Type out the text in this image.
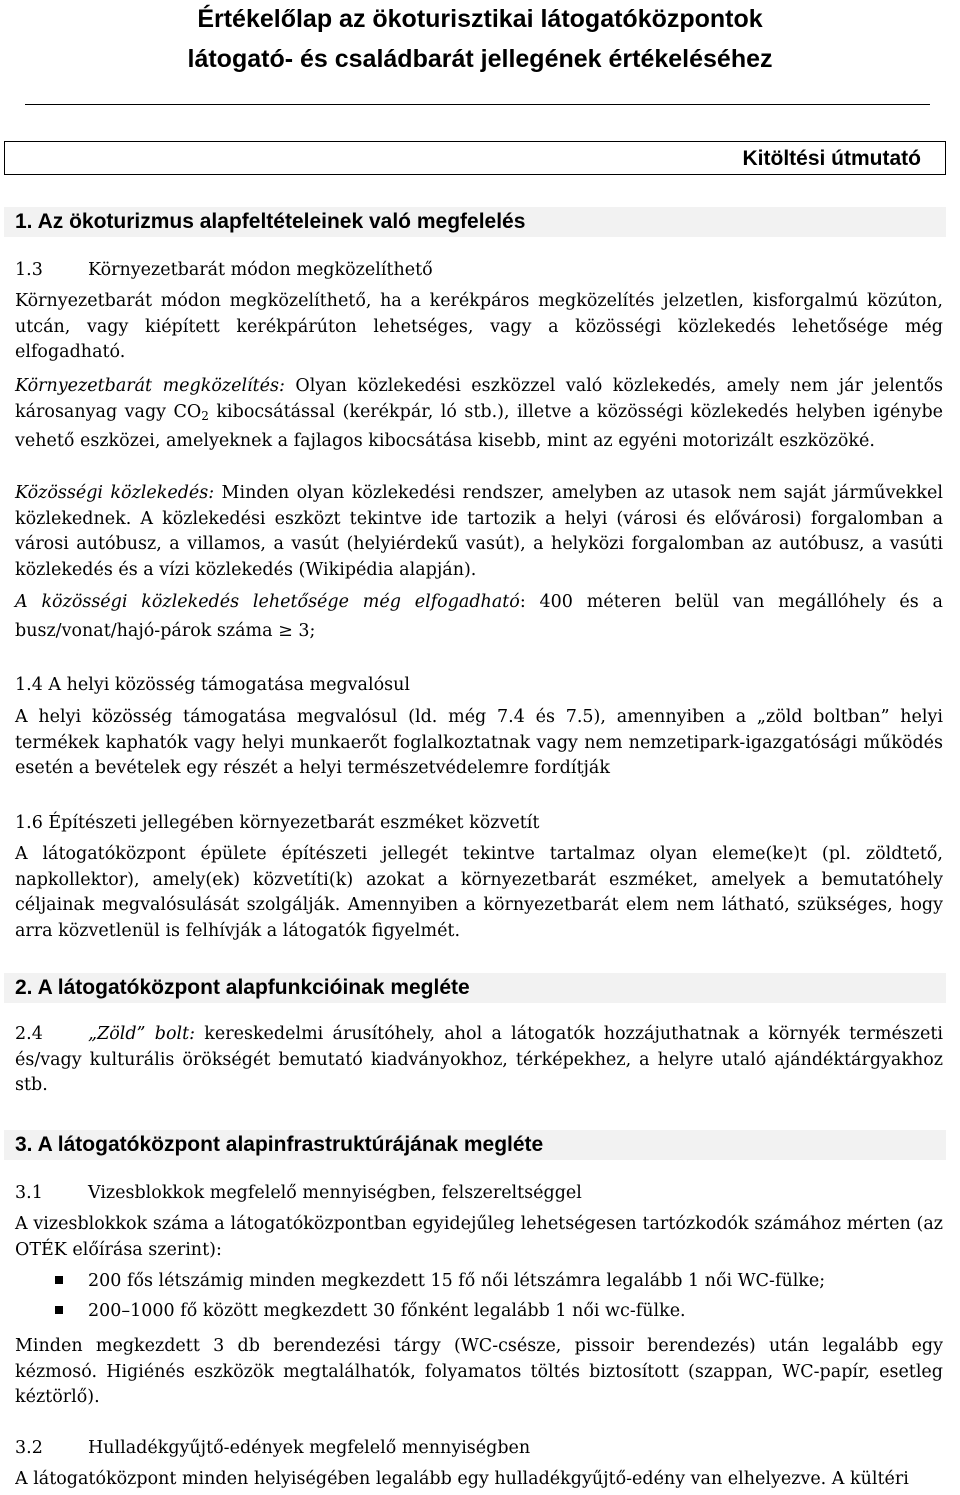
Értékelőlap az ökoturisztikai látogatóközpontok
látogató- és családbarát jellegének értékeléséhez
Kitöltési útmutató
1. Az ökoturizmus alapfeltételeinek való megfelelés
1.3	Környezetbarát módon megközelíthető

Környezetbarát módon megközelíthető, ha a kerékpáros megközelítés jelzetlen, kisforgalmú közúton, utcán, vagy kiépített kerékpárúton lehetséges, vagy a közösségi közlekedés lehetősége még elfogadható.

Környezetbarát megközelítés: Olyan közlekedési eszközzel való közlekedés, amely nem jár jelentős károsanyag vagy CO2 kibocsátással (kerékpár, ló stb.), illetve a közösségi közlekedés helyben igénybe vehető eszközei, amelyeknek a fajlagos kibocsátása kisebb, mint az egyéni motorizált eszközöké.

Közösségi közlekedés: Minden olyan közlekedési rendszer, amelyben az utasok nem saját járművekkel közlekednek. A közlekedési eszközt tekintve ide tartozik a helyi (városi és elővárosi) forgalomban a városi autóbusz, a villamos, a vasút (helyiérdekű vasút), a helyközi forgalomban az autóbusz, a vasúti közlekedés és a vízi közlekedés (Wikipédia alapján).

A közösségi közlekedés lehetősége még elfogadható: 400 méteren belül van megállóhely és a busz/vonat/hajó-párok száma ≥ 3;

1.4 A helyi közösség támogatása megvalósul

A helyi közösség támogatása megvalósul (ld. még 7.4 és 7.5), amennyiben a „zöld boltban” helyi termékek kaphatók vagy helyi munkaerőt foglalkoztatnak vagy nem nemzetipark-igazgatósági működés esetén a bevételek egy részét a helyi természetvédelemre fordítják

1.6 Építészeti jellegében környezetbarát eszméket közvetít

A látogatóközpont épülete építészeti jellegét tekintve tartalmaz olyan eleme(ke)t (pl. zöldtető, napkollektor), amely(ek) közvetíti(k) azokat a környezetbarát eszméket, amelyek a bemutatóhely céljainak megvalósulását szolgálják. Amennyiben a környezetbarát elem nem látható, szükséges, hogy arra közvetlenül is felhívják a látogatók figyelmét.

2. A látogatóközpont alapfunkcióinak megléte

2.4	„Zöld” bolt: kereskedelmi árusítóhely, ahol a látogatók hozzájuthatnak a környék természeti és/vagy kulturális örökségét bemutató kiadványokhoz, térképekhez, a helyre utaló ajándéktárgyakhoz stb.

3. A látogatóközpont alapinfrastruktúrájának megléte
3.1	Vizesblokkok megfelelő mennyiségben, felszereltséggel

A vizesblokkok száma a látogatóközpontban egyidejűleg lehetségesen tartózkodók számához mérten (az OTÉK előírása szerint):

200 fős létszámig minden megkezdett 15 fő női létszámra legalább 1 női WC-fülke;
200–1000 fő között megkezdett 30 főnként legalább 1 női wc-fülke.

Minden megkezdett 3 db berendezési tárgy (WC-csésze, pissoir berendezés) után legalább egy kézmosó. Higiénés eszközök megtalálhatók, folyamatos töltés biztosított (szappan, WC-papír, esetleg kéztörlő).

3.2	Hulladékgyűjtő-edények megfelelő mennyiségben

A látogatóközpont minden helyiségében legalább egy hulladékgyűjtő-edény van elhelyezve. A kültéri
